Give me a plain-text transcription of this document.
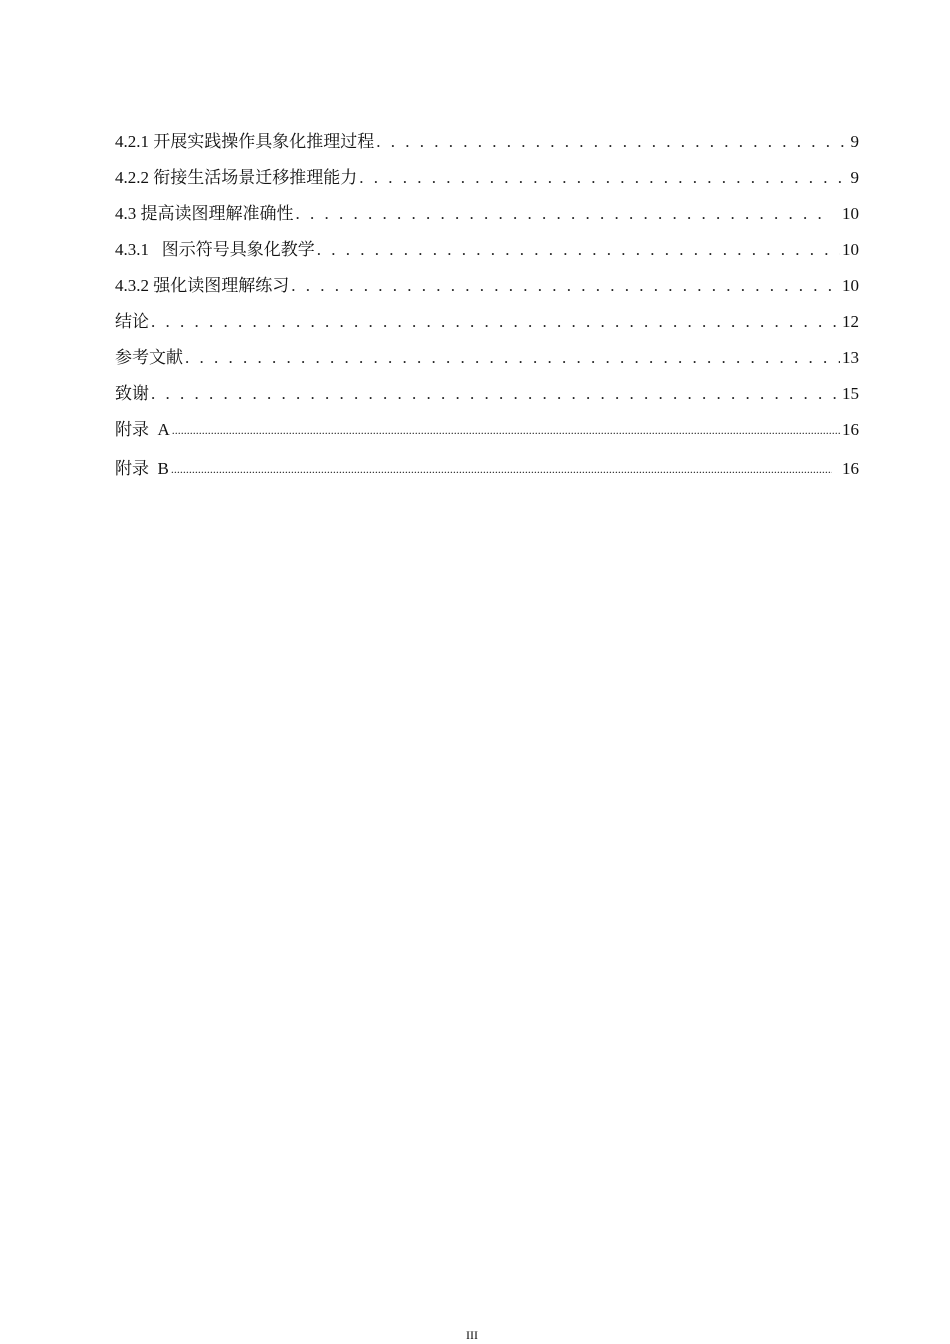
4.2.1 开展实践操作具象化推理过程 . . .	9
4.2.2 衔接生活场景迁移推理能力 . . .	9
4.3 提高读图理解准确性 . . .	10
4.3.1   图示符号具象化教学 . . .	10
4.3.2 强化读图理解练习 . . .	10
结论 . . .	12
参考文献 . . .	13
致谢 . . .	15
附录  A .....	16
附录  B .....	16
III
